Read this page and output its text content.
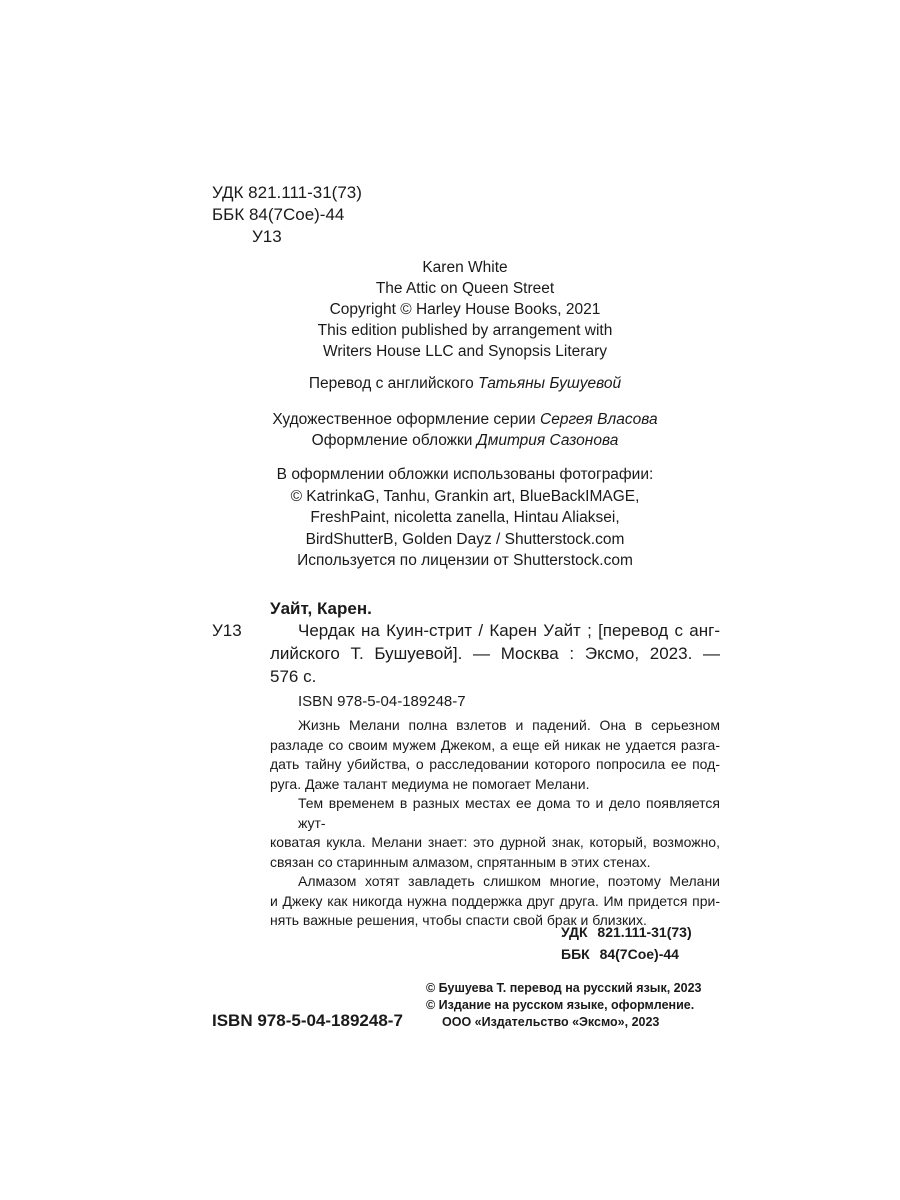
УДК 821.111-31(73)
ББК 84(7Сое)-44
У13
Karen White
The Attic on Queen Street
Copyright © Harley House Books, 2021
This edition published by arrangement with
Writers House LLC and Synopsis Literary
Перевод с английского Татьяны Бушуевой
Художественное оформление серии Сергея Власова
Оформление обложки Дмитрия Сазонова
В оформлении обложки использованы фотографии:
© KatrinkaG, Tanhu, Grankin art, BlueBackIMAGE,
FreshPaint, nicoletta zanella, Hintau Aliaksei,
BirdShutterB, Golden Dayz / Shutterstock.com
Используется по лицензии от Shutterstock.com
Уайт, Карен.
У13	Чердак на Куин-стрит / Карен Уайт ; [перевод с анг-
лийского Т. Бушуевой]. — Москва : Эксмо, 2023. —
576 с.
ISBN 978-5-04-189248-7

Жизнь Мелани полна взлетов и падений. Она в серьезном
разладе со своим мужем Джеком, а еще ей никак не удается разга-
дать тайну убийства, о расследовании которого попросила ее под-
руга. Даже талант медиума не помогает Мелани.

Тем временем в разных местах ее дома то и дело появляется жут-
коватая кукла. Мелани знает: это дурной знак, который, возможно,
связан со старинным алмазом, спрятанным в этих стенах.

Алмазом хотят завладеть слишком многие, поэтому Мелани
и Джеку как никогда нужна поддержка друг друга. Им придется при-
нять важные решения, чтобы спасти свой брак и близких.

УДК 821.111-31(73)
ББК 84(7Сое)-44
ISBN 978-5-04-189248-7
© Бушуева Т. перевод на русский язык, 2023
© Издание на русском языке, оформление.
ООО «Издательство «Эксмо», 2023
